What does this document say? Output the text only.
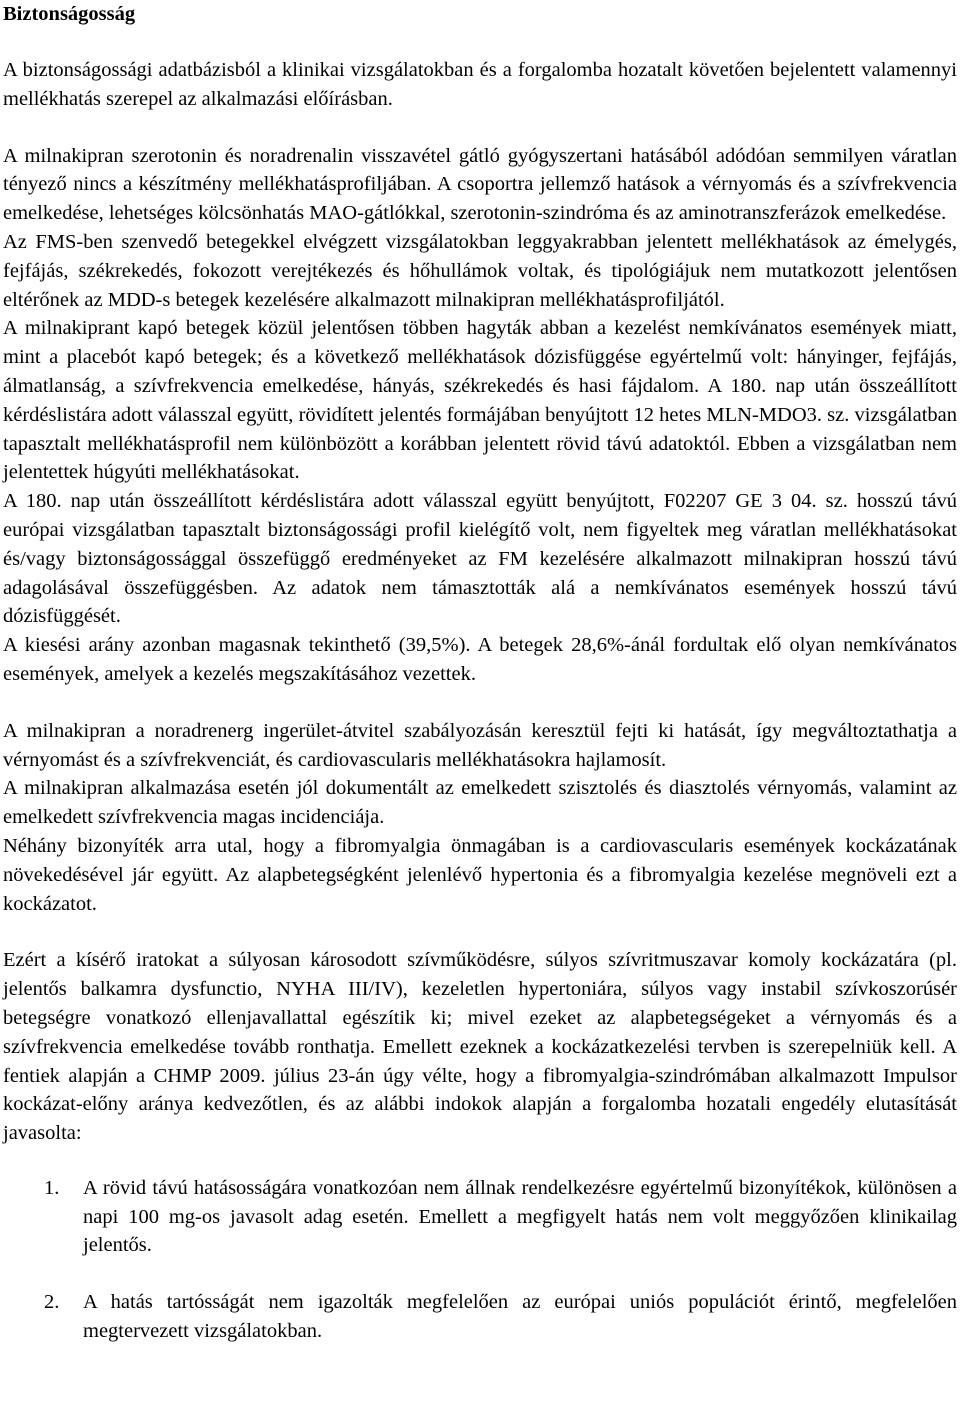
Biztonságosság

A biztonságossági adatbázisból a klinikai vizsgálatokban és a forgalomba hozatalt követően bejelentett valamennyi mellékhatás szerepel az alkalmazási előírásban.

A milnakipran szerotonin és noradrenalin visszavétel gátló gyógyszertani hatásából adódóan semmilyen váratlan tényező nincs a készítmény mellékhatásprofiljában. A csoportra jellemző hatások a vérnyomás és a szívfrekvencia emelkedése, lehetséges kölcsönhatás MAO-gátlókkal, szerotonin-szindróma és az aminotranszferázok emelkedése.

Az FMS-ben szenvedő betegekkel elvégzett vizsgálatokban leggyakrabban jelentett mellékhatások az émelygés, fejfájás, székrekedés, fokozott verejtékezés és hőhullámok voltak, és tipológiájuk nem mutatkozott jelentősen eltérőnek az MDD-s betegek kezelésére alkalmazott milnakipran mellékhatásprofiljától.

A milnakiprant kapó betegek közül jelentősen többen hagyták abban a kezelést nemkívánatos események miatt, mint a placebót kapó betegek; és a következő mellékhatások dózisfüggése egyértelmű volt: hányinger, fejfájás, álmatlanság, a szívfrekvencia emelkedése, hányás, székrekedés és hasi fájdalom. A 180. nap után összeállított kérdéslistára adott válasszal együtt, rövidített jelentés formájában benyújtott 12 hetes MLN-MDO3. sz. vizsgálatban tapasztalt mellékhatásprofil nem különbözött a korábban jelentett rövid távú adatoktól. Ebben a vizsgálatban nem jelentettek húgyúti mellékhatásokat.

A 180. nap után összeállított kérdéslistára adott válasszal együtt benyújtott, F02207 GE 3 04. sz. hosszú távú európai vizsgálatban tapasztalt biztonságossági profil kielégítő volt, nem figyeltek meg váratlan mellékhatásokat és/vagy biztonságossággal összefüggő eredményeket az FM kezelésére alkalmazott milnakipran hosszú távú adagolásával összefüggésben. Az adatok nem támasztották alá a nemkívánatos események hosszú távú dózisfüggését.

A kiesési arány azonban magasnak tekinthető (39,5%). A betegek 28,6%-ánál fordultak elő olyan nemkívánatos események, amelyek a kezelés megszakításához vezettek.

A milnakipran a noradrenerg ingerület-átvitel szabályozásán keresztül fejti ki hatását, így megváltoztathatja a vérnyomást és a szívfrekvenciát, és cardiovascularis mellékhatásokra hajlamosít.

A milnakipran alkalmazása esetén jól dokumentált az emelkedett szisztolés és diasztolés vérnyomás, valamint az emelkedett szívfrekvencia magas incidenciája.

Néhány bizonyíték arra utal, hogy a fibromyalgia önmagában is a cardiovascularis események kockázatának növekedésével jár együtt. Az alapbetegségként jelenlévő hypertonia és a fibromyalgia kezelése megnöveli ezt a kockázatot.

Ezért a kísérő iratokat a súlyosan károsodott szívműködésre, súlyos szívritmuszavar komoly kockázatára (pl. jelentős balkamra dysfunctio, NYHA III/IV), kezeletlen hypertoniára, súlyos vagy instabil szívkoszorúsér betegségre vonatkozó ellenjavallattal egészítik ki; mivel ezeket az alapbetegségeket a vérnyomás és a szívfrekvencia emelkedése tovább ronthatja. Emellett ezeknek a kockázatkezelési tervben is szerepelniük kell. A fentiek alapján a CHMP 2009. július 23-án úgy vélte, hogy a fibromyalgia-szindrómában alkalmazott Impulsor kockázat-előny aránya kedvezőtlen, és az alábbi indokok alapján a forgalomba hozatali engedély elutasítását javasolta:

1.	A rövid távú hatásosságára vonatkozóan nem állnak rendelkezésre egyértelmű bizonyítékok, különösen a napi 100 mg-os javasolt adag esetén. Emellett a megfigyelt hatás nem volt meggyőzően klinikailag jelentős.
2.	A hatás tartósságát nem igazolták megfelelően az európai uniós populációt érintő, megfelelően megtervezett vizsgálatokban.
